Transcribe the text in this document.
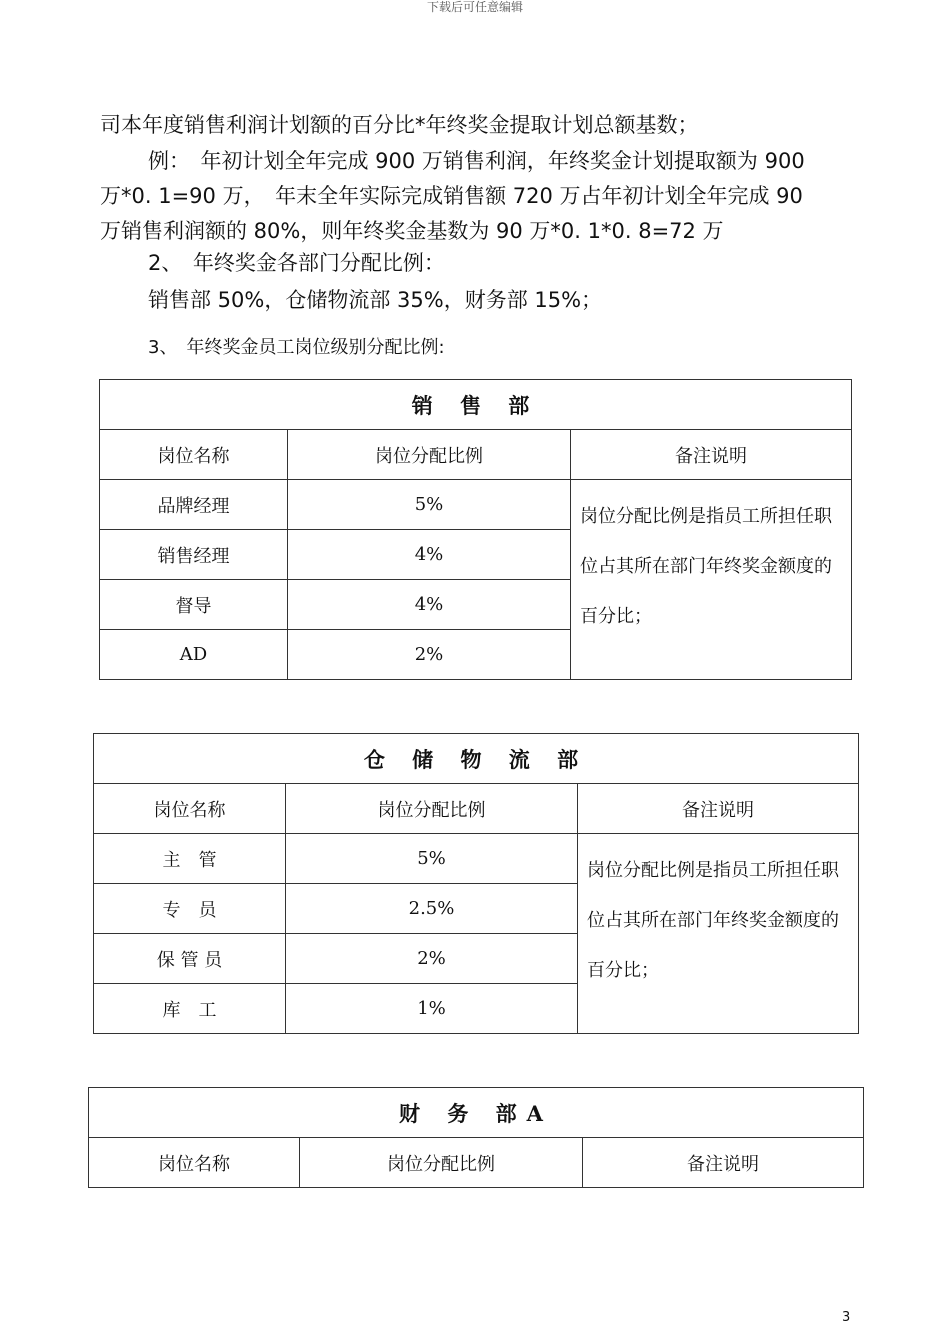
下载后可任意编辑
司本年度销售利润计划额的百分比*年终奖金提取计划总额基数；
例：　年初计划全年完成 900 万销售利润，年终奖金计划提取额为 900
万*0. 1=90 万，　年末全年实际完成销售额 720 万占年初计划全年完成 90
万销售利润额的 80%，则年终奖金基数为 90 万*0. 1*0. 8=72 万
2、　年终奖金各部门分配比例：
销售部 50%，仓储物流部 35%，财务部 15%；
3、　年终奖金员工岗位级别分配比例:
销 售 部		
岗位名称	岗位分配比例	备注说明
品牌经理	5%	岗位分配比例是指员工所担任职位占其所在部门年终奖金额度的百分比；
销售经理	4%	
督导	4%	
AD	2%	
仓 储 物 流 部		
岗位名称	岗位分配比例	备注说明
主　管	5%	岗位分配比例是指员工所担任职位占其所在部门年终奖金额度的百分比；
专　员	2.5%	
保 管 员	2%	
库　工	1%	
财 务 部A
岗位名称	岗位分配比例	备注说明
3
